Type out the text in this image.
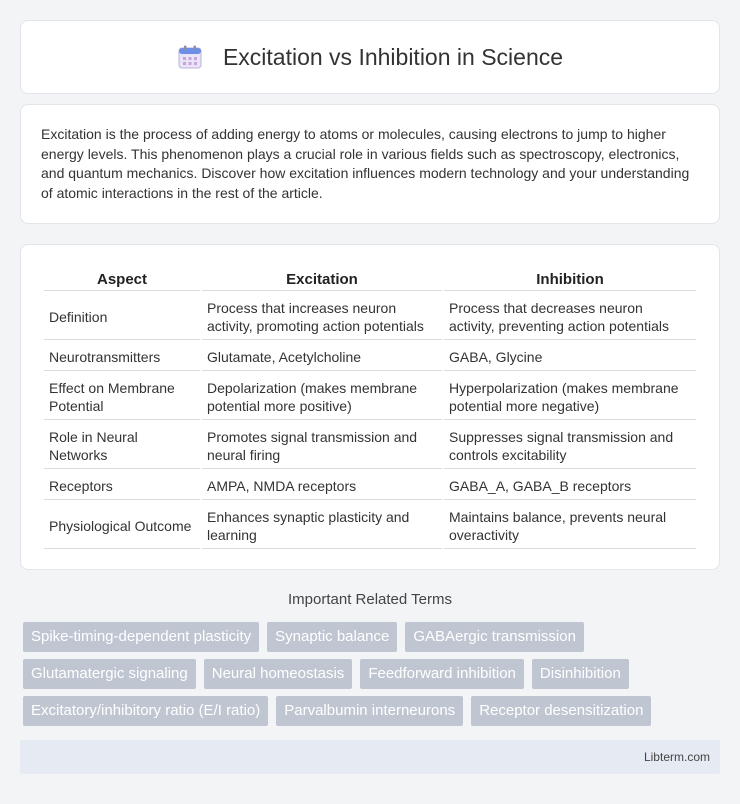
Excitation vs Inhibition in Science

Excitation is the process of adding energy to atoms or molecules, causing electrons to jump to higher energy levels. This phenomenon plays a crucial role in various fields such as spectroscopy, electronics, and quantum mechanics. Discover how excitation influences modern technology and your understanding of atomic interactions in the rest of the article.

Aspect	Excitation	Inhibition
Definition	Process that increases neuron activity, promoting action potentials	Process that decreases neuron activity, preventing action potentials
Neurotransmitters	Glutamate, Acetylcholine	GABA, Glycine
Effect on Membrane Potential	Depolarization (makes membrane potential more positive)	Hyperpolarization (makes membrane potential more negative)
Role in Neural Networks	Promotes signal transmission and neural firing	Suppresses signal transmission and controls excitability
Receptors	AMPA, NMDA receptors	GABA_A, GABA_B receptors
Physiological Outcome	Enhances synaptic plasticity and learning	Maintains balance, prevents neural overactivity
Important Related Terms
Spike-timing-dependent plasticity	Synaptic balance	GABAergic transmission
Glutamatergic signaling	Neural homeostasis	Feedforward inhibition	Disinhibition
Excitatory/inhibitory ratio (E/I ratio)	Parvalbumin interneurons	Receptor desensitization
Libterm.com
